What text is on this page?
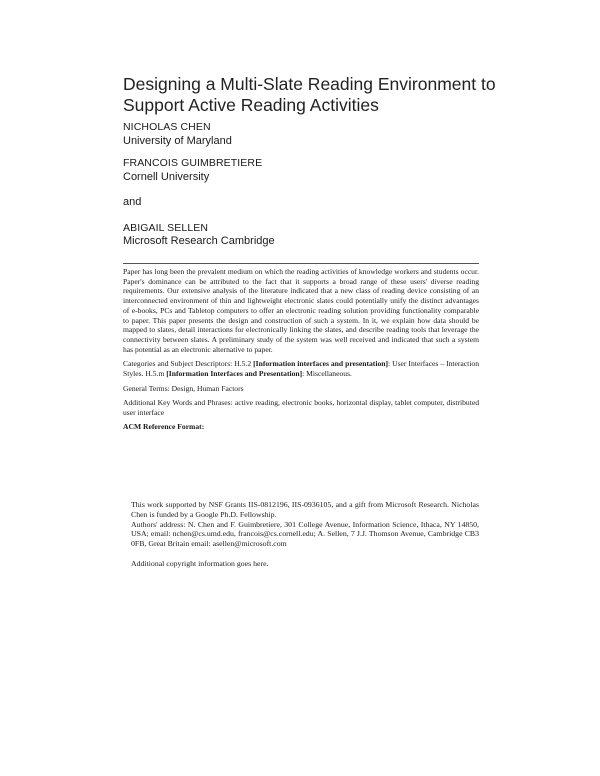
Designing a Multi-Slate Reading Environment to Support Active Reading Activities
NICHOLAS CHEN
University of Maryland
FRANCOIS GUIMBRETIERE
Cornell University
and
ABIGAIL SELLEN
Microsoft Research Cambridge

Paper has long been the prevalent medium on which the reading activities of knowledge workers and students occur. Paper's dominance can be attributed to the fact that it supports a broad range of these users' diverse reading requirements. Our extensive analysis of the literature indicated that a new class of reading device consisting of an interconnected environment of thin and lightweight electronic slates could potentially unify the distinct advantages of e-books, PCs and Tabletop computers to offer an electronic reading solution providing functionality comparable to paper. This paper presents the design and construction of such a system. In it, we explain how data should be mapped to slates, detail interactions for electronically linking the slates, and describe reading tools that leverage the connectivity between slates. A preliminary study of the system was well received and indicated that such a system has potential as an electronic alternative to paper.

Categories and Subject Descriptors: H.5.2 [Information interfaces and presentation]: User Interfaces – Interaction Styles. H.5.m [Information Interfaces and Presentation]: Miscellaneous.

General Terms: Design, Human Factors

Additional Key Words and Phrases: active reading, electronic books, horizontal display, tablet computer, distributed user interface

ACM Reference Format:

This work supported by NSF Grants IIS-0812196, IIS-0936105, and a gift from Microsoft Research. Nicholas Chen is funded by a Google Ph.D. Fellowship.

Authors' address: N. Chen and F. Guimbretiere, 301 College Avenue, Information Science, Ithaca, NY 14850, USA; email: nchen@cs.umd.edu, francois@cs.cornell.edu; A. Sellen, 7 J.J. Thomson Avenue, Cambridge CB3 0FB, Great Britain email: asellen@microsoft.com

Additional copyright information goes here.
